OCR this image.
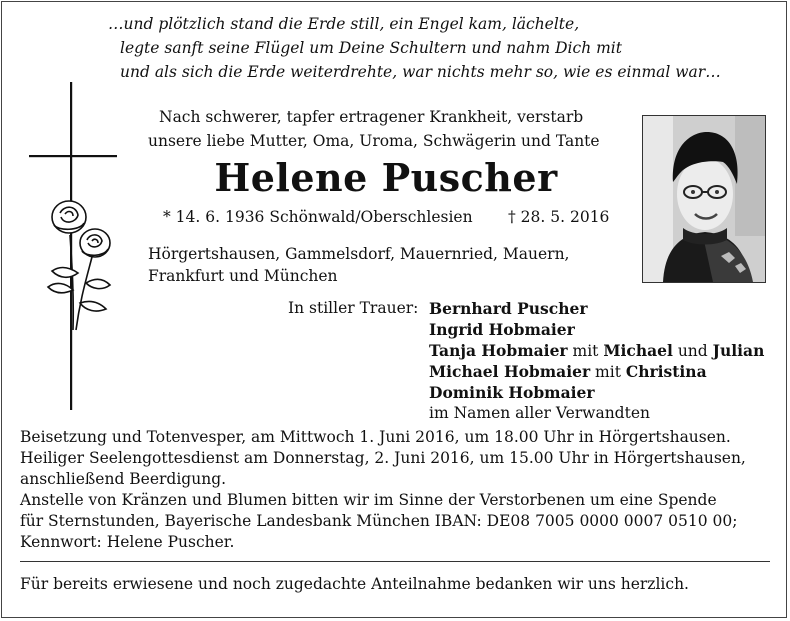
…und plötzlich stand die Erde still, ein Engel kam, lächelte,
legte sanft seine Flügel um Deine Schultern und nahm Dich mit
und als sich die Erde weiterdrehte, war nichts mehr so, wie es einmal war…
Nach schwerer, tapfer ertragener Krankheit, verstarb
unsere liebe Mutter, Oma, Uroma, Schwägerin und Tante
Helene Puscher
* 14. 6. 1936 Schönwald/Oberschlesien † 28. 5. 2016
Hörgertshausen, Gammelsdorf, Mauernried, Mauern,
Frankfurt und München
In stiller Trauer: Bernhard Puscher
Ingrid Hobmaier
Tanja Hobmaier mit Michael und Julian
Michael Hobmaier mit Christina
Dominik Hobmaier
im Namen aller Verwandten
Beisetzung und Totenvesper, am Mittwoch 1. Juni 2016, um 18.00 Uhr in Hörgertshausen.
Heiliger Seelengottesdienst am Donnerstag, 2. Juni 2016, um 15.00 Uhr in Hörgertshausen,
anschließend Beerdigung.
Anstelle von Kränzen und Blumen bitten wir im Sinne der Verstorbenen um eine Spende
für Sternstunden, Bayerische Landesbank München IBAN: DE08 7005 0000 0007 0510 00;
Kennwort: Helene Puscher.
Für bereits erwiesene und noch zugedachte Anteilnahme bedanken wir uns herzlich.
